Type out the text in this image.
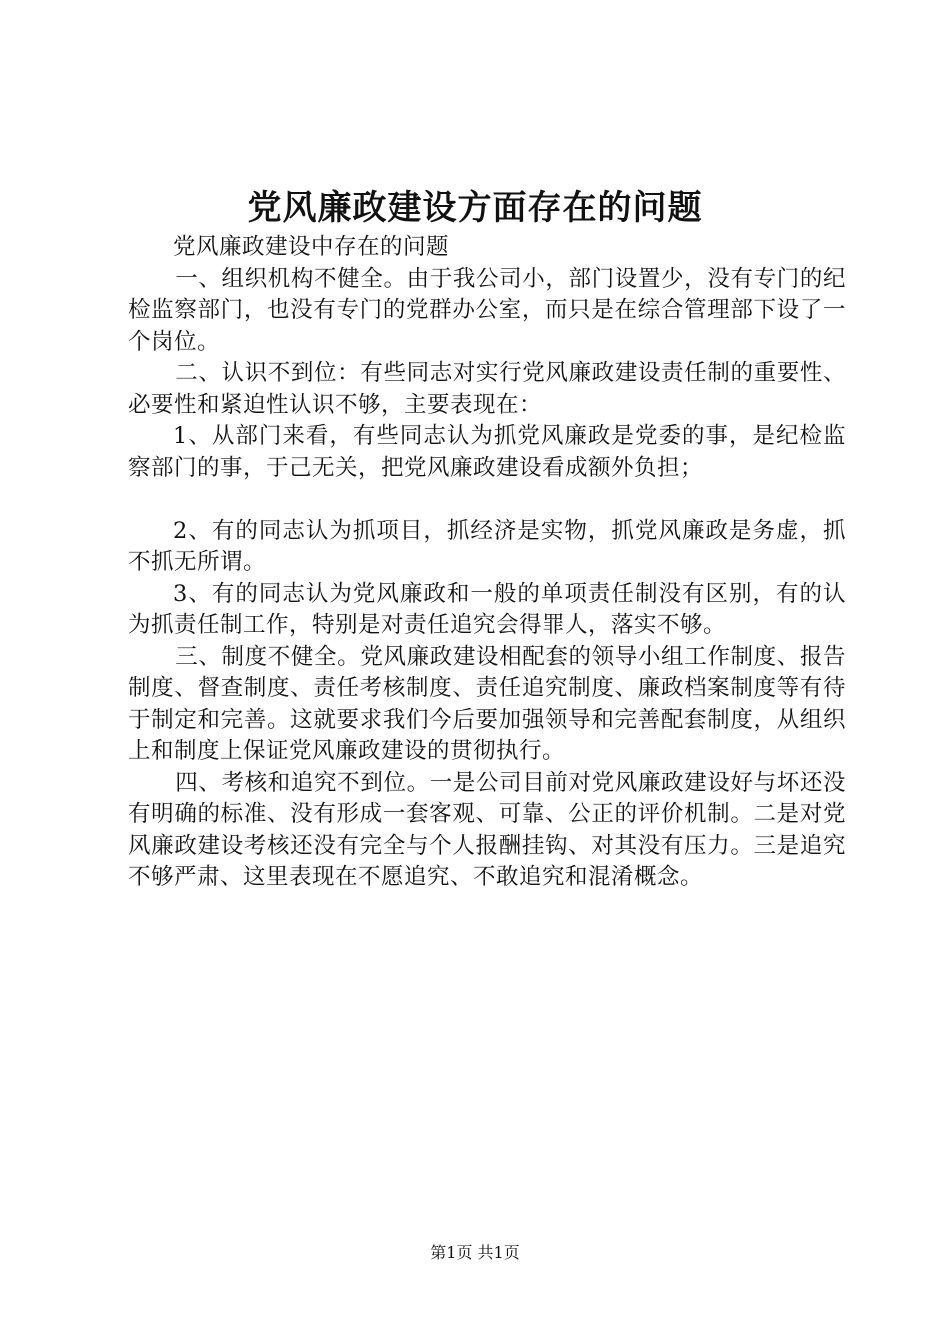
党风廉政建设方面存在的问题

党风廉政建设中存在的问题

一、组织机构不健全。由于我公司小，部门设置少，没有专门的纪检监察部门，也没有专门的党群办公室，而只是在综合管理部下设了一个岗位。

二、认识不到位：有些同志对实行党风廉政建设责任制的重要性、必要性和紧迫性认识不够，主要表现在：

1、从部门来看，有些同志认为抓党风廉政是党委的事，是纪检监察部门的事，于己无关，把党风廉政建设看成额外负担；

2、有的同志认为抓项目，抓经济是实物，抓党风廉政是务虚，抓不抓无所谓。

3、有的同志认为党风廉政和一般的单项责任制没有区别，有的认为抓责任制工作，特别是对责任追究会得罪人，落实不够。

三、制度不健全。党风廉政建设相配套的领导小组工作制度、报告制度、督查制度、责任考核制度、责任追究制度、廉政档案制度等有待于制定和完善。这就要求我们今后要加强领导和完善配套制度，从组织上和制度上保证党风廉政建设的贯彻执行。

四、考核和追究不到位。一是公司目前对党风廉政建设好与坏还没有明确的标准、没有形成一套客观、可靠、公正的评价机制。二是对党风廉政建设考核还没有完全与个人报酬挂钩、对其没有压力。三是追究不够严肃、这里表现在不愿追究、不敢追究和混淆概念。

第1页 共1页
